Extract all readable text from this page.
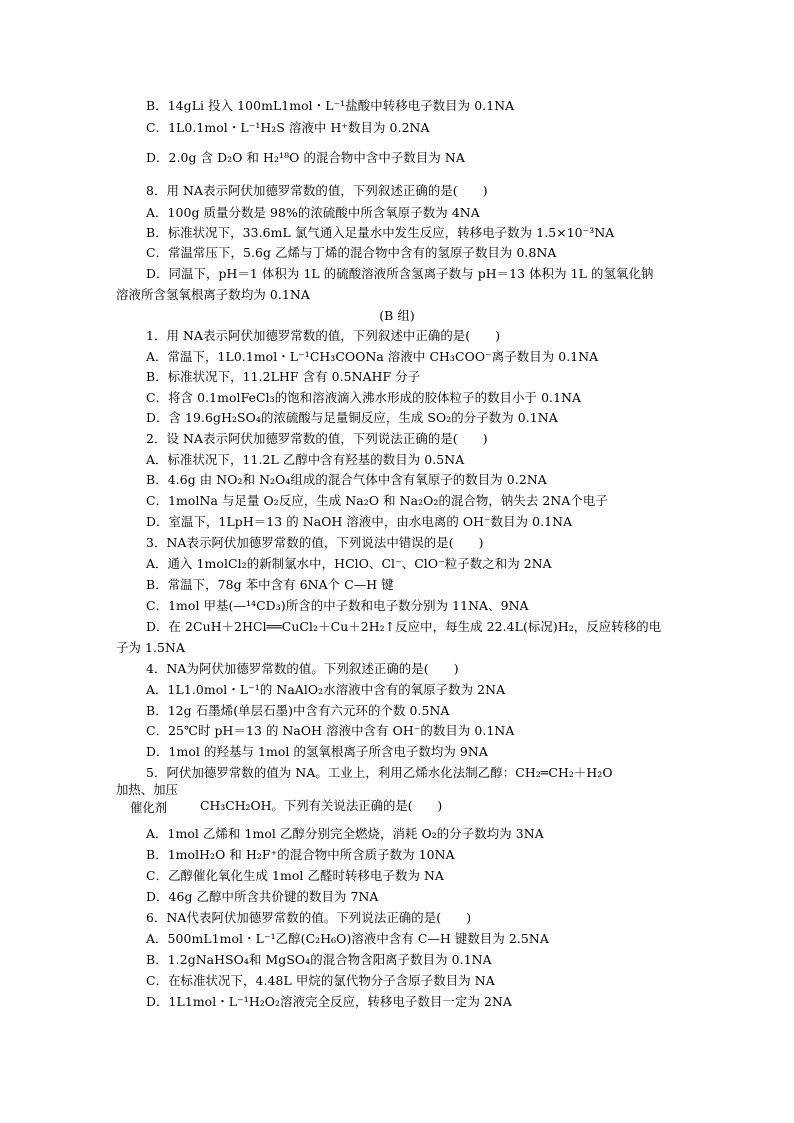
B．14gLi 投入 100mL1mol・L⁻¹盐酸中转移电子数目为 0.1NA
C．1L0.1mol・L⁻¹H₂S 溶液中 H⁺数目为 0.2NA
D．2.0g 含 D₂O 和 H₂¹⁸O 的混合物中含中子数目为 NA
8．用 NA表示阿伏加德罗常数的值，下列叙述正确的是(　　)
A．100g 质量分数是 98%的浓硫酸中所含氧原子数为 4NA
B．标准状况下，33.6mL 氯气通入足量水中发生反应，转移电子数为 1.5×10⁻³NA
C．常温常压下，5.6g 乙烯与丁烯的混合物中含有的氢原子数目为 0.8NA
D．同温下，pH＝1 体积为 1L 的硫酸溶液所含氢离子数与 pH＝13 体积为 1L 的氢氧化钠
溶液所含氢氧根离子数均为 0.1NA
(B 组)
1．用 NA表示阿伏加德罗常数的值，下列叙述中正确的是(　　)
A．常温下，1L0.1mol・L⁻¹CH₃COONa 溶液中 CH₃COO⁻离子数目为 0.1NA
B．标准状况下，11.2LHF 含有 0.5NAHF 分子
C．将含 0.1molFeCl₃的饱和溶液滴入沸水形成的胶体粒子的数目小于 0.1NA
D．含 19.6gH₂SO₄的浓硫酸与足量铜反应，生成 SO₂的分子数为 0.1NA
2．设 NA表示阿伏加德罗常数的值，下列说法正确的是(　　)
A．标准状况下，11.2L 乙醇中含有羟基的数目为 0.5NA
B．4.6g 由 NO₂和 N₂O₄组成的混合气体中含有氧原子的数目为 0.2NA
C．1molNa 与足量 O₂反应，生成 Na₂O 和 Na₂O₂的混合物，钠失去 2NA个电子
D．室温下，1LpH＝13 的 NaOH 溶液中，由水电离的 OH⁻数目为 0.1NA
3．NA表示阿伏加德罗常数的值，下列说法中错误的是(　　)
A．通入 1molCl₂的新制氯水中，HClO、Cl⁻、ClO⁻粒子数之和为 2NA
B．常温下，78g 苯中含有 6NA个 C—H 键
C．1mol 甲基(—¹⁴CD₃)所含的中子数和电子数分别为 11NA、9NA
D．在 2CuH＋2HCl══CuCl₂＋Cu＋2H₂↑反应中，每生成 22.4L(标况)H₂，反应转移的电
子为 1.5NA
4．NA为阿伏加德罗常数的值。下列叙述正确的是(　　)
A．1L1.0mol・L⁻¹的 NaAlO₂水溶液中含有的氧原子数为 2NA
B．12g 石墨烯(单层石墨)中含有六元环的个数 0.5NA
C．25℃时 pH＝13 的 NaOH 溶液中含有 OH⁻的数目为 0.1NA
D．1mol 的羟基与 1mol 的氢氧根离子所含电子数均为 9NA
5．阿伏加德罗常数的值为 NA。工业上，利用乙烯水化法制乙醇：CH₂═CH₂＋H₂O
加热、加压
催化剂	CH₃CH₂OH。下列有关说法正确的是(　　)
A．1mol 乙烯和 1mol 乙醇分别完全燃烧，消耗 O₂的分子数均为 3NA
B．1molH₂O 和 H₂F⁺的混合物中所含质子数为 10NA
C．乙醇催化氧化生成 1mol 乙醛时转移电子数为 NA
D．46g 乙醇中所含共价键的数目为 7NA
6．NA代表阿伏加德罗常数的值。下列说法正确的是(　　)
A．500mL1mol・L⁻¹乙醇(C₂H₆O)溶液中含有 C—H 键数目为 2.5NA
B．1.2gNaHSO₄和 MgSO₄的混合物含阳离子数目为 0.1NA
C．在标准状况下，4.48L 甲烷的氯代物分子含原子数目为 NA
D．1L1mol・L⁻¹H₂O₂溶液完全反应，转移电子数目一定为 2NA
